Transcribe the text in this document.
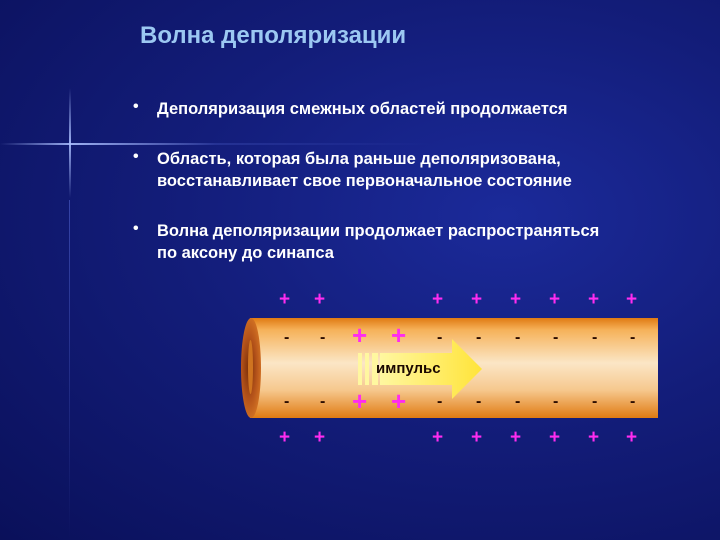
Волна деполяризации
• Деполяризация смежных областей продолжается
• Область, которая была раньше деполяризована,
восстанавливает свое первоначальное состояние
• Волна деполяризации продолжает распространяться
по аксону до синапса
импульс
+ +	+ + + + + +
- - + + - - - - - -
- - + + - - - - - -
+ +	+ + + + + +
